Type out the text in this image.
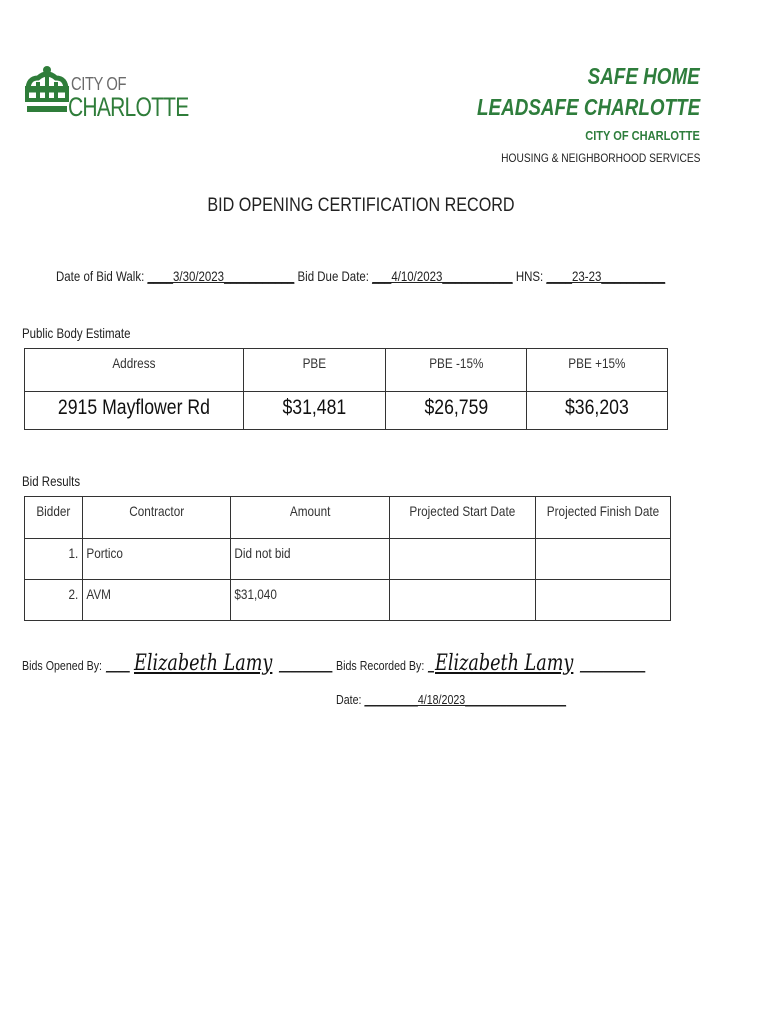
CITY OF
CHARLOTTE
SAFE HOME
LEADSAFE CHARLOTTE
CITY OF CHARLOTTE
HOUSING & NEIGHBORHOOD SERVICES
BID OPENING CERTIFICATION RECORD
Date of Bid Walk: ____3/30/2023___________ Bid Due Date: ___4/10/2023___________ HNS: ____23-23__________
Public Body Estimate
Address	PBE	PBE -15%	PBE +15%

2915 Mayflower Rd	$31,481	$26,759	$36,203
Bid Results
Bidder	Contractor	Amount	Projected Start Date	Projected Finish Date

1.	Portico	Did not bid		

2.	AVM	$31,040		

Bids Opened By: ____ Elizabeth Lamy _________ Bids Recorded By: _Elizabeth Lamy ___________
Date: _________4/18/2023_________________
